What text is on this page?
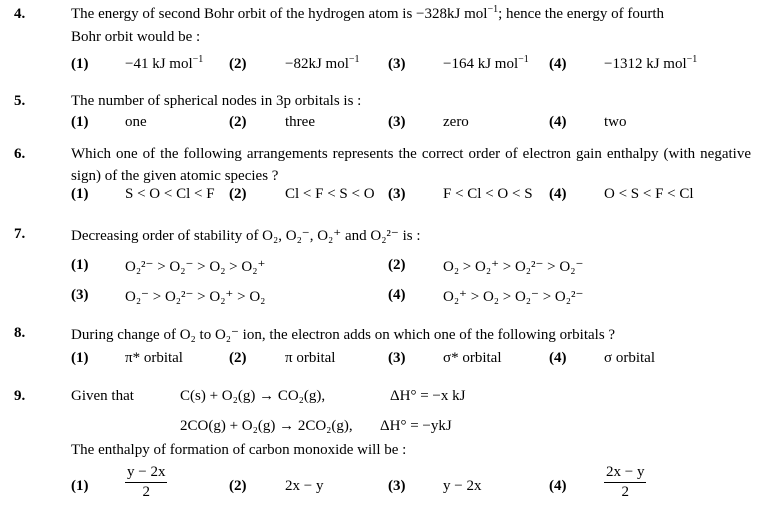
4.	The energy of second Bohr orbit of the hydrogen atom is −328kJ mol$^{-1}$; hence the energy of fourth
Bohr orbit would be :
(1) −41 kJ mol$^{-1}$ (2)	−82kJ mol$^{-1}$ (3)	−164 kJ mol$^{-1}$ (4)	−1312 kJ mol$^{-1}$
5.	The number of spherical nodes in 3p orbitals is :
(1) one	(2)	three	(3)	zero	(4)	two
6.	Which one of the following arrangements represents the correct order of electron gain enthalpy (with negative sign) of the given atomic species ?
(1) S < O < Cl < F (2)	Cl < F < S < O (3)	F < Cl < O < S (4)	O < S < F < Cl
7.	Decreasing order of stability of O₂, O₂⁻, O₂⁺ and O₂²⁻ is :
(1) O₂²⁻ > O₂⁻ > O₂ > O₂⁺	(2)	O₂ > O₂⁺ > O₂²⁻ > O₂⁻
(3) O₂⁻ > O₂²⁻ > O₂⁺ > O₂	(4)	O₂⁺ > O₂ > O₂⁻ > O₂²⁻
8.	During change of O₂ to O₂⁻ ion, the electron adds on which one of the following orbitals ?
(1) π* orbital	(2)	π orbital	(3)	σ* orbital	(4)	σ orbital
9.	Given that	C(s) + O₂(g) → CO₂(g),	ΔH° = −x kJ
2CO(g) + O₂(g) → 2CO₂(g), ΔH° = −ykJ
The enthalpy of formation of carbon monoxide will be :
$(1) \frac{y - 2x}{2}$	(2)	2x − y	(3)	y − 2x	(4)	$\frac{2x - y}{2}$
